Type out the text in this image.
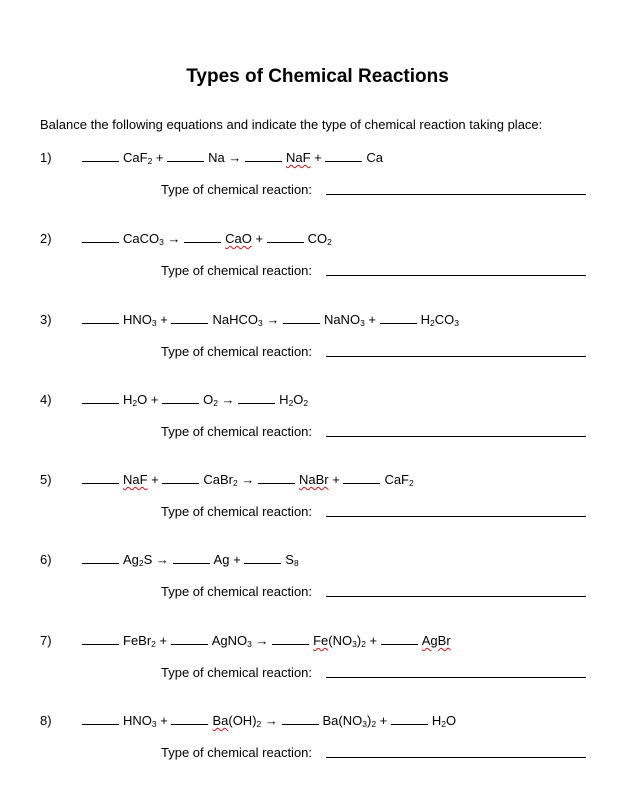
Types of Chemical Reactions
Balance the following equations and indicate the type of chemical reaction taking place:
1)	CaF$_2$ +	Na →	NaF +	Ca
Type of chemical reaction:
2)	CaCO$_3$ →	CaO +	$CO_2$
Type of chemical reaction:
3)	$HNO_3$ +	NaHCO$_3$ →	NaNO$_3$ +	$H_2CO_3$
Type of chemical reaction:
4)	$H_2O$ +	$O_2$ →	$H_2O_2$
Type of chemical reaction:
5)	NaF +	CaBr$_2$ →	NaBr +	CaF$_2$
Type of chemical reaction:
6)	$Ag_2S$ →	Ag +	$S_8$
Type of chemical reaction:
7)	FeBr$_2$ +	AgNO$_3$ →	$Fe(NO_3)_2$ +	AgBr
Type of chemical reaction:
8)	$HNO_3$ +	$Ba(OH)_2$ →	$Ba(NO_3)_2$ +	$H_2O$
Type of chemical reaction:
